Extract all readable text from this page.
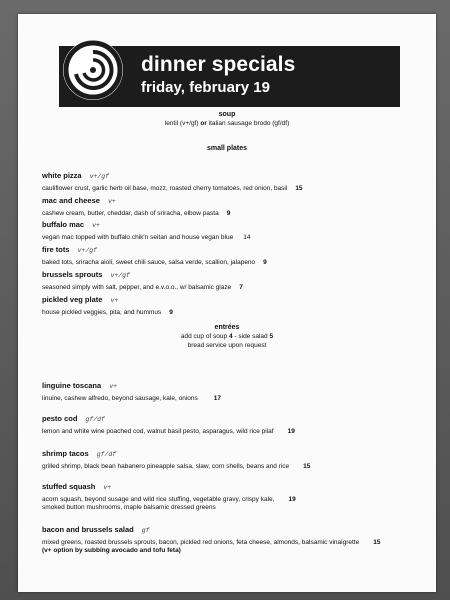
dinner specials
friday, february 19
soup
lentil (v+/gf) or italian sausage brodo (gf/df)
small plates
white pizza v+/gf
cauliflower crust, garlic herb oil base, mozz, roasted cherry tomatoes, red onion, basil 15
mac and cheese v+
cashew cream, butter, cheddar, dash of sriracha, elbow pasta 9
buffalo mac v+
vegan mac topped with buffalo chik'n seitan and house vegan blue 14
fire tots v+/gf
baked tots, sriracha aioli, sweet chili sauce, salsa verde, scallion, jalapeno 9
brussels sprouts v+/gf
seasoned simply with salt, pepper, and e.v.o.o., w/ balsamic glaze 7
pickled veg plate v+
house pickled veggies, pita, and hummus 9
entrées
add cup of soup 4 - side salad 5
bread service upon request
linguine toscana v+
linuine, cashew alfredo, beyond sausage, kale, onions 17
pesto cod gf/df
lemon and white wine poached cod, walnut basil pesto, asparagus, wild rice pilaf 19
shrimp tacos gf/df
grilled shrimp, black bean habanero pineapple salsa, slaw, corn shells, beans and rice 15
stuffed squash v+
acorn squash, beyond susage and wild rice stuffing, vegetable gravy, crispy kale, 19
smoked button mushrooms, maple balsamic dressed greens
bacon and brussels salad gf
mixed greens, roasted brussels sprouts, bacon, pickled red onions, feta cheese, almonds, balsamic vinaigrette 15
(v+ option by subbing avocado and tofu feta)
